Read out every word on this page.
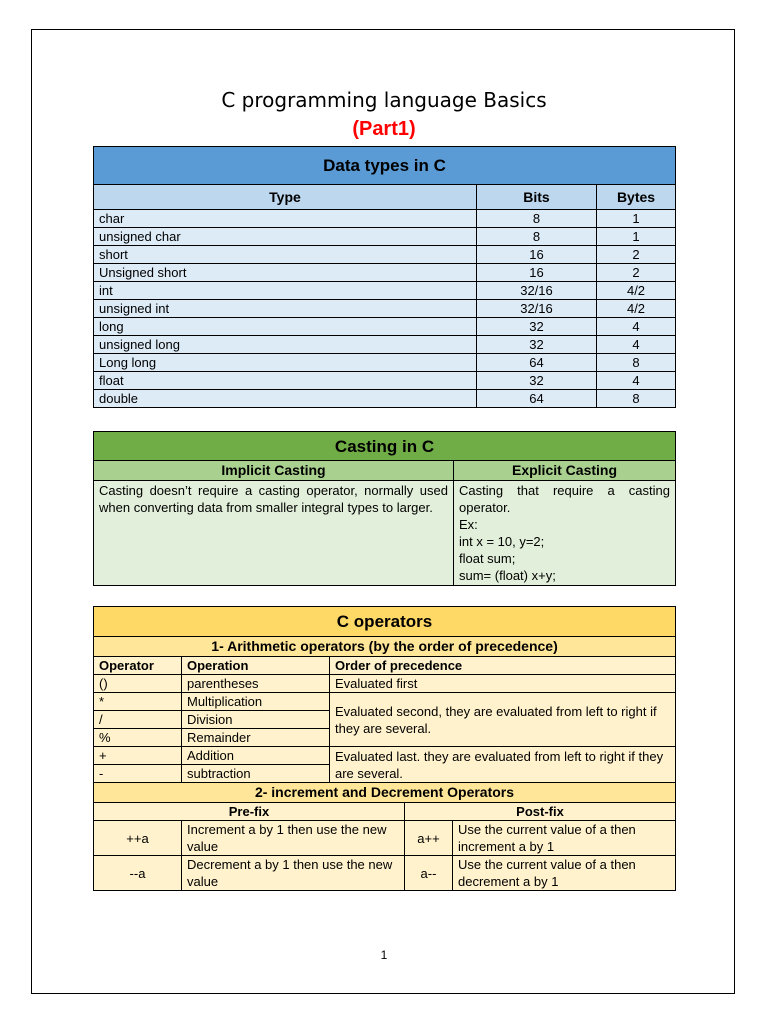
C programming language Basics
(Part1)
Data types in C		
Type	Bits	Bytes
char	8	1
unsigned char	8	1
short	16	2
Unsigned short	16	2
int	32/16	4/2
unsigned int	32/16	4/2
long	32	4
unsigned long	32	4
Long long	64	8
float	32	4
double	64	8
Casting in C	
Implicit Casting	Explicit Casting
Casting doesn’t require a casting operator, normally used when converting data from smaller integral types to larger.	Casting that require a casting operator.
Ex:
int x = 10, y=2;
float sum;
sum= (float) x+y;
C operators				
1- Arithmetic operators (by the order of precedence)				
Operator	Operation	Order of precedence		
()	parentheses	Evaluated first		
*	Multiplication	Evaluated second, they are evaluated from left to right if they are several.		
/	Division			
%	Remainder			
+	Addition	Evaluated last. they are evaluated from left to right if they are several.		
-	subtraction			
2- increment and Decrement Operators				
Pre-fix			Post-fix	
++a	Increment a by 1 then use the new value		a++	Use the current value of a then increment a by 1
--a	Decrement a by 1 then use the new value		a--	Use the current value of a then decrement a by 1
1
